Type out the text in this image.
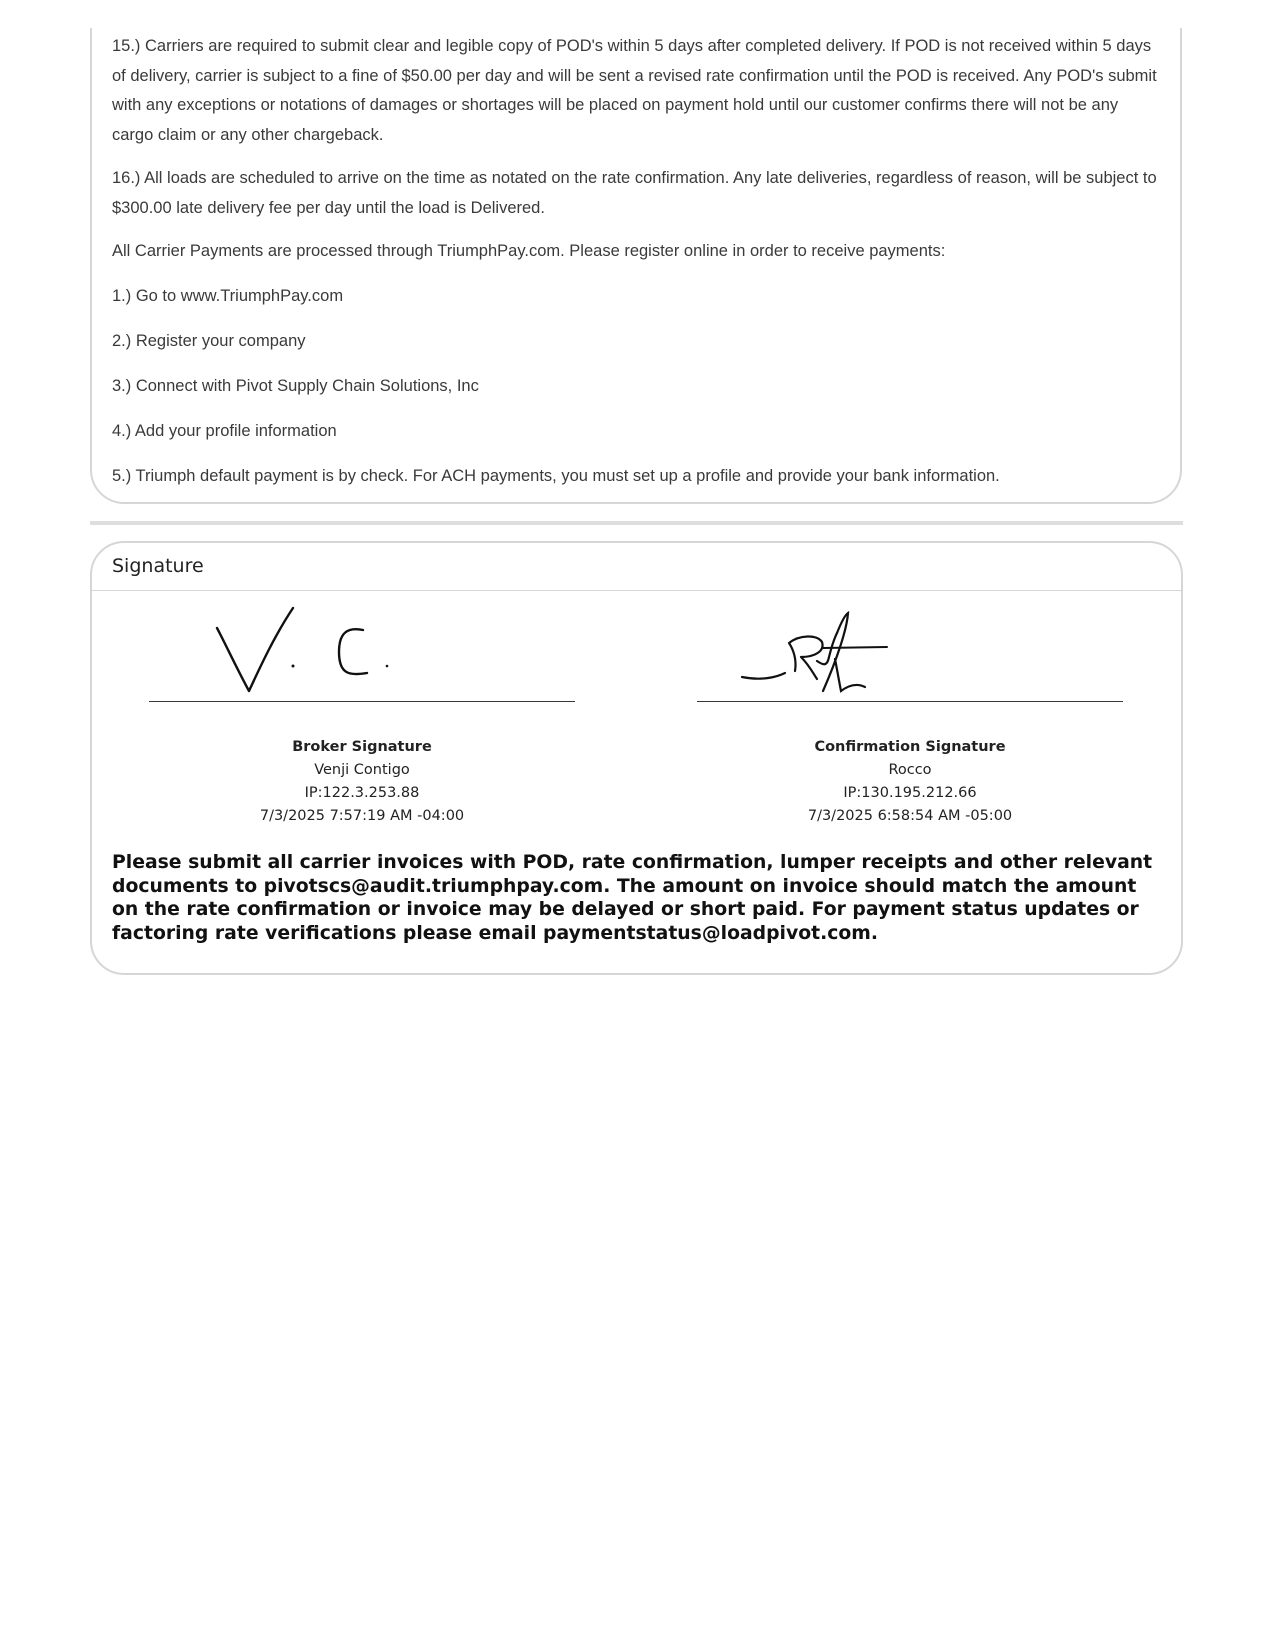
15.) Carriers are required to submit clear and legible copy of POD's within 5 days after completed delivery. If POD is not received within 5 days of delivery, carrier is subject to a fine of $50.00 per day and will be sent a revised rate confirmation until the POD is received. Any POD's submit with any exceptions or notations of damages or shortages will be placed on payment hold until our customer confirms there will not be any cargo claim or any other chargeback.

16.) All loads are scheduled to arrive on the time as notated on the rate confirmation. Any late deliveries, regardless of reason, will be subject to $300.00 late delivery fee per day until the load is Delivered.

All Carrier Payments are processed through TriumphPay.com. Please register online in order to receive payments:

1.) Go to www.TriumphPay.com

2.) Register your company

3.) Connect with Pivot Supply Chain Solutions, Inc

4.) Add your profile information

5.) Triumph default payment is by check. For ACH payments, you must set up a profile and provide your bank information.

Signature
Broker Signature
Venji Contigo
IP:122.3.253.88
7/3/2025 7:57:19 AM -04:00
Confirmation Signature
Rocco
IP:130.195.212.66
7/3/2025 6:58:54 AM -05:00
Please submit all carrier invoices with POD, rate confirmation, lumper receipts and other relevant documents to pivotscs@audit.triumphpay.com. The amount on invoice should match the amount on the rate confirmation or invoice may be delayed or short paid. For payment status updates or factoring rate verifications please email paymentstatus@loadpivot.com.
